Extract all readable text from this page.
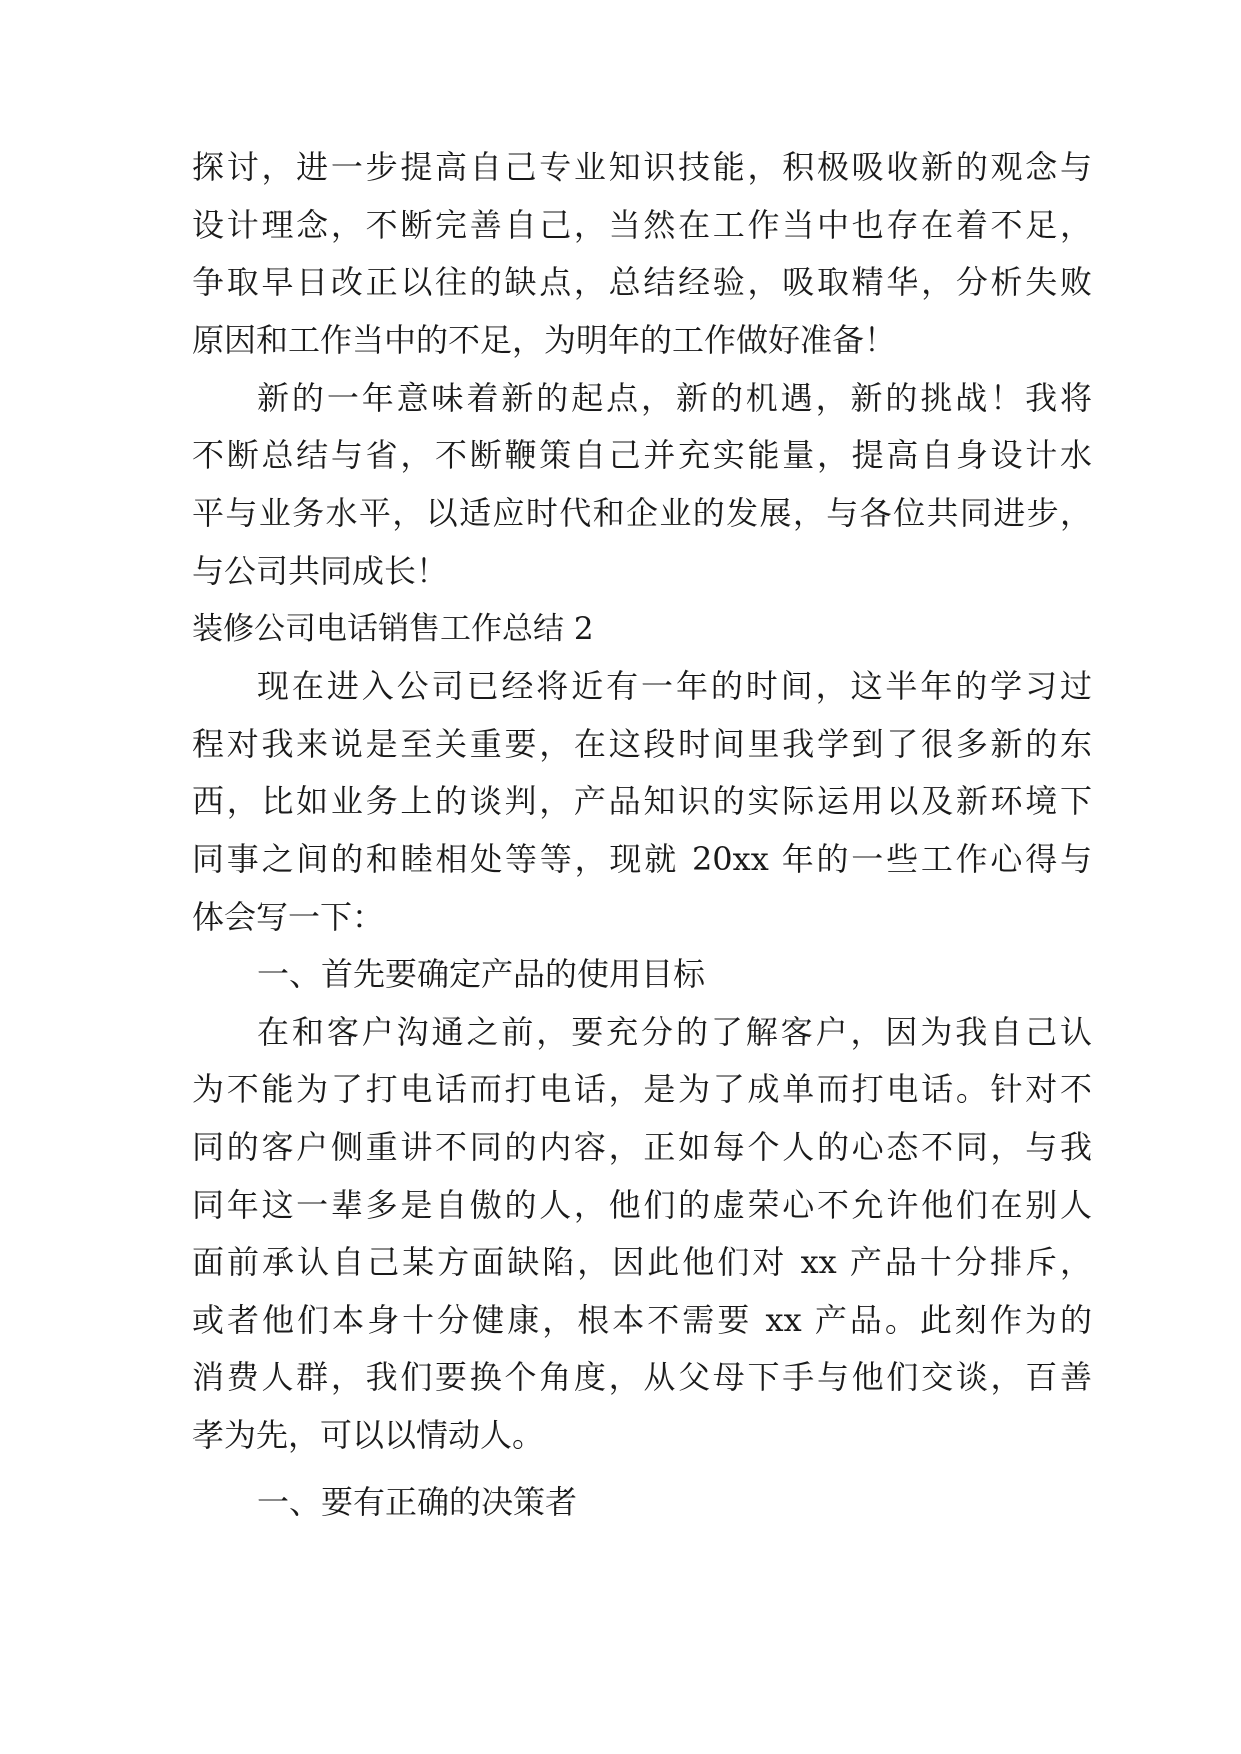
探讨，进一步提高自己专业知识技能，积极吸收新的观念与
设计理念，不断完善自己，当然在工作当中也存在着不足，
争取早日改正以往的缺点，总结经验，吸取精华，分析失败
原因和工作当中的不足，为明年的工作做好准备！
新的一年意味着新的起点，新的机遇，新的挑战！我将
不断总结与省，不断鞭策自己并充实能量，提高自身设计水
平与业务水平，以适应时代和企业的发展，与各位共同进步，
与公司共同成长！
装修公司电话销售工作总结 2
现在进入公司已经将近有一年的时间，这半年的学习过
程对我来说是至关重要，在这段时间里我学到了很多新的东
西，比如业务上的谈判，产品知识的实际运用以及新环境下
同事之间的和睦相处等等，现就 20xx 年的一些工作心得与
体会写一下：
一、首先要确定产品的使用目标
在和客户沟通之前，要充分的了解客户，因为我自己认
为不能为了打电话而打电话，是为了成单而打电话。针对不
同的客户侧重讲不同的内容，正如每个人的心态不同，与我
同年这一辈多是自傲的人，他们的虚荣心不允许他们在别人
面前承认自己某方面缺陷，因此他们对 xx 产品十分排斥，
或者他们本身十分健康，根本不需要 xx 产品。此刻作为的
消费人群，我们要换个角度，从父母下手与他们交谈，百善
孝为先，可以以情动人。
一、要有正确的决策者
